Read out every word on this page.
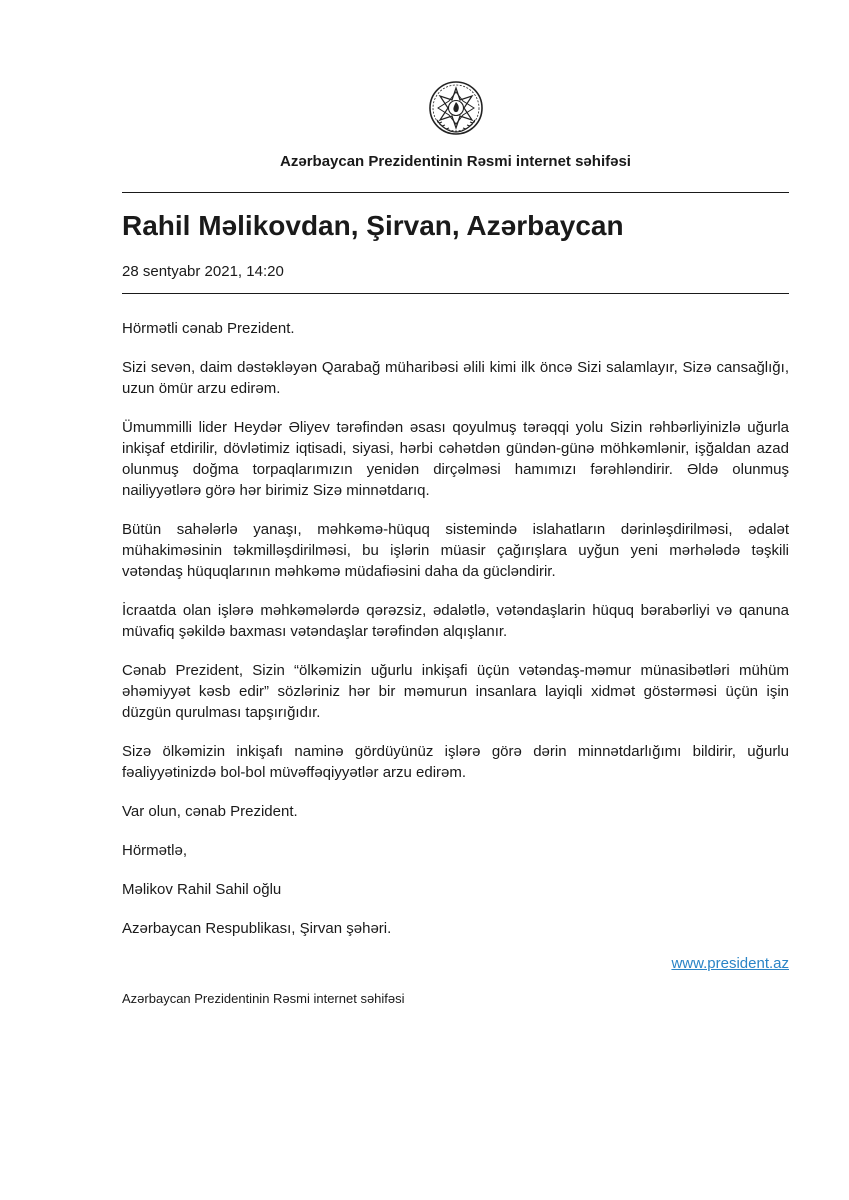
Azərbaycan Prezidentinin Rəsmi internet səhifəsi
Rahil Məlikovdan, Şirvan, Azərbaycan
28 sentyabr 2021, 14:20

Hörmətli cənab Prezident.

Sizi sevən, daim dəstəkləyən Qarabağ müharibəsi əlili kimi ilk öncə Sizi salamlayır, Sizə cansağlığı, uzun ömür arzu edirəm.

Ümummilli lider Heydər Əliyev tərəfindən əsası qoyulmuş tərəqqi yolu Sizin rəhbərliyinizlə uğurla inkişaf etdirilir, dövlətimiz iqtisadi, siyasi, hərbi cəhətdən gündən-günə möhkəmlənir, işğaldan azad olunmuş doğma torpaqlarımızın yenidən dirçəlməsi hamımızı fərəhləndirir. Əldə olunmuş nailiyyətlərə görə hər birimiz Sizə minnətdarıq.

Bütün sahələrlə yanaşı, məhkəmə-hüquq sistemində islahatların dərinləşdirilməsi, ədalət mühakiməsinin təkmilləşdirilməsi, bu işlərin müasir çağırışlara uyğun yeni mərhələdə təşkili vətəndaş hüquqlarının məhkəmə müdafiəsini daha da gücləndirir.

İcraatda olan işlərə məhkəmələrdə qərəzsiz, ədalətlə, vətəndaşlarin hüquq bərabərliyi və qanuna müvafiq şəkildə baxması vətəndaşlar tərəfindən alqışlanır.

Cənab Prezident, Sizin “ölkəmizin uğurlu inkişafi üçün vətəndaş-məmur münasibətləri mühüm əhəmiyyət kəsb edir” sözləriniz hər bir məmurun insanlara layiqli xidmət göstərməsi üçün işin düzgün qurulması tapşırığıdır.

Sizə ölkəmizin inkişafı naminə gördüyünüz işlərə görə dərin minnətdarlığımı bildirir, uğurlu fəaliyyətinizdə bol-bol müvəffəqiyyətlər arzu edirəm.

Var olun, cənab Prezident.

Hörmətlə,

Məlikov Rahil Sahil oğlu

Azərbaycan Respublikası, Şirvan şəhəri.

www.president.az
Azərbaycan Prezidentinin Rəsmi internet səhifəsi
